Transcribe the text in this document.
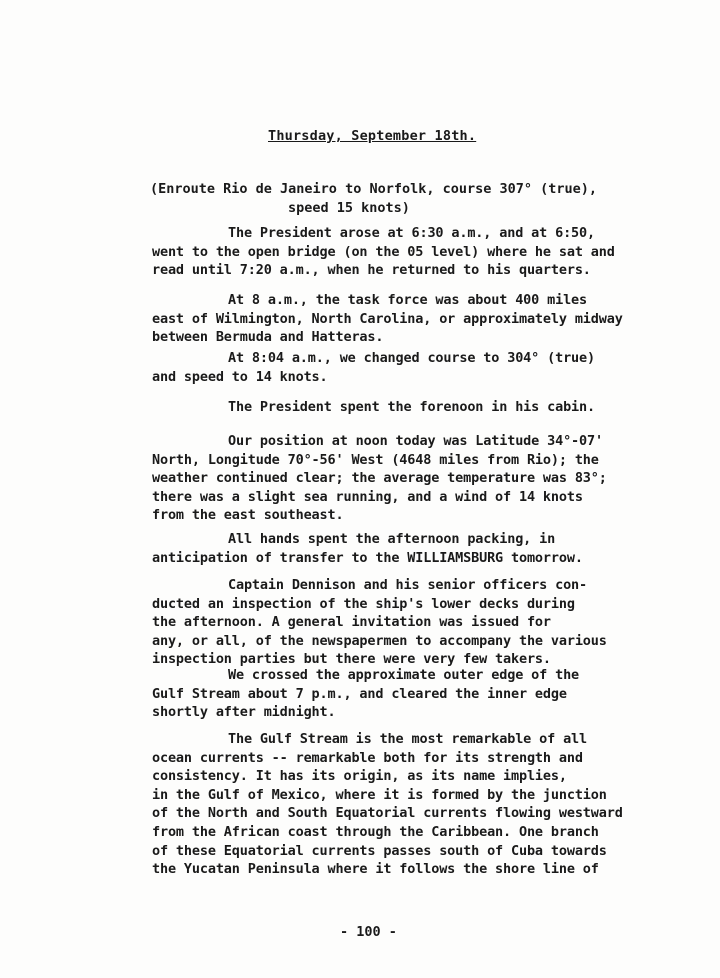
Thursday, September 18th.
(Enroute Rio de Janeiro to Norfolk, course 307° (true),
speed 15 knots)
The President arose at 6:30 a.m., and at 6:50,
went to the open bridge (on the 05 level) where he sat and
read until 7:20 a.m., when he returned to his quarters.
At 8 a.m., the task force was about 400 miles
east of Wilmington, North Carolina, or approximately midway
between Bermuda and Hatteras.
At 8:04 a.m., we changed course to 304° (true)
and speed to 14 knots.
The President spent the forenoon in his cabin.
Our position at noon today was Latitude 34°-07'
North, Longitude 70°-56' West (4648 miles from Rio); the
weather continued clear; the average temperature was 83°;
there was a slight sea running, and a wind of 14 knots
from the east southeast.
All hands spent the afternoon packing, in
anticipation of transfer to the WILLIAMSBURG tomorrow.
Captain Dennison and his senior officers con-
ducted an inspection of the ship's lower decks during
the afternoon. A general invitation was issued for
any, or all, of the newspapermen to accompany the various
inspection parties but there were very few takers.
We crossed the approximate outer edge of the
Gulf Stream about 7 p.m., and cleared the inner edge
shortly after midnight.
The Gulf Stream is the most remarkable of all
ocean currents -- remarkable both for its strength and
consistency. It has its origin, as its name implies,
in the Gulf of Mexico, where it is formed by the junction
of the North and South Equatorial currents flowing westward
from the African coast through the Caribbean. One branch
of these Equatorial currents passes south of Cuba towards
the Yucatan Peninsula where it follows the shore line of
- 100 -
